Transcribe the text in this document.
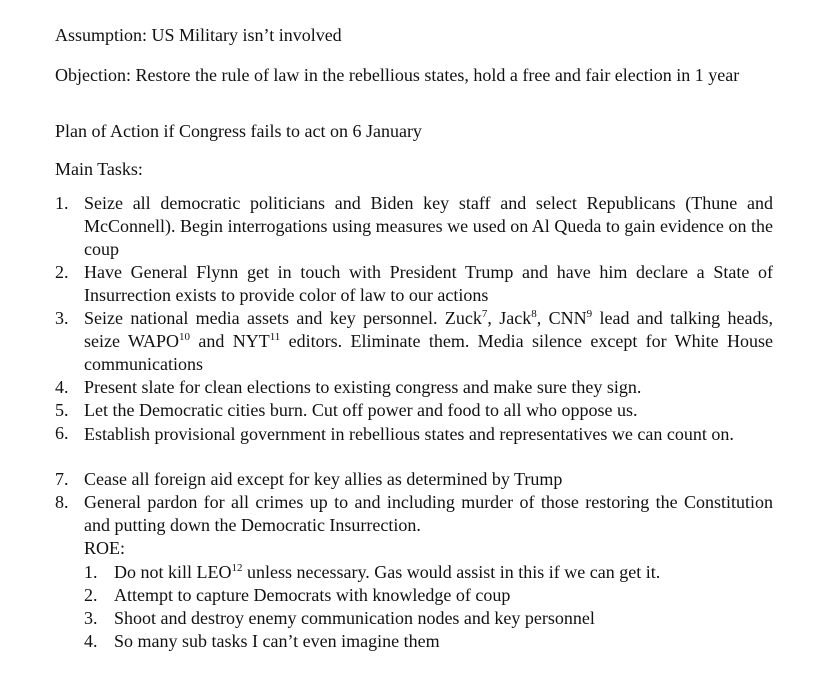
Assumption: US Military isn’t involved
Objection: Restore the rule of law in the rebellious states, hold a free and fair election in 1 year
Plan of Action if Congress fails to act on 6 January
Main Tasks:
1. Seize all democratic politicians and Biden key staff and select Republicans (Thune and McConnell). Begin interrogations using measures we used on Al Queda to gain evidence on the coup
2. Have General Flynn get in touch with President Trump and have him declare a State of Insurrection exists to provide color of law to our actions
3. Seize national media assets and key personnel. Zuck$^7$, Jack$^8$, CNN$^9$ lead and talking heads, seize WAPO$^{10}$ and NYT$^{11}$ editors. Eliminate them. Media silence except for White House communications
4. Present slate for clean elections to existing congress and make sure they sign.
5. Let the Democratic cities burn. Cut off power and food to all who oppose us.
6. Establish provisional government in rebellious states and representatives we can count on.
7. Cease all foreign aid except for key allies as determined by Trump
8. General pardon for all crimes up to and including murder of those restoring the Constitution and putting down the Democratic Insurrection.
ROE:
1. Do not kill LEO$^{12}$ unless necessary. Gas would assist in this if we can get it.
2. Attempt to capture Democrats with knowledge of coup
3. Shoot and destroy enemy communication nodes and key personnel
4. So many sub tasks I can’t even imagine them
